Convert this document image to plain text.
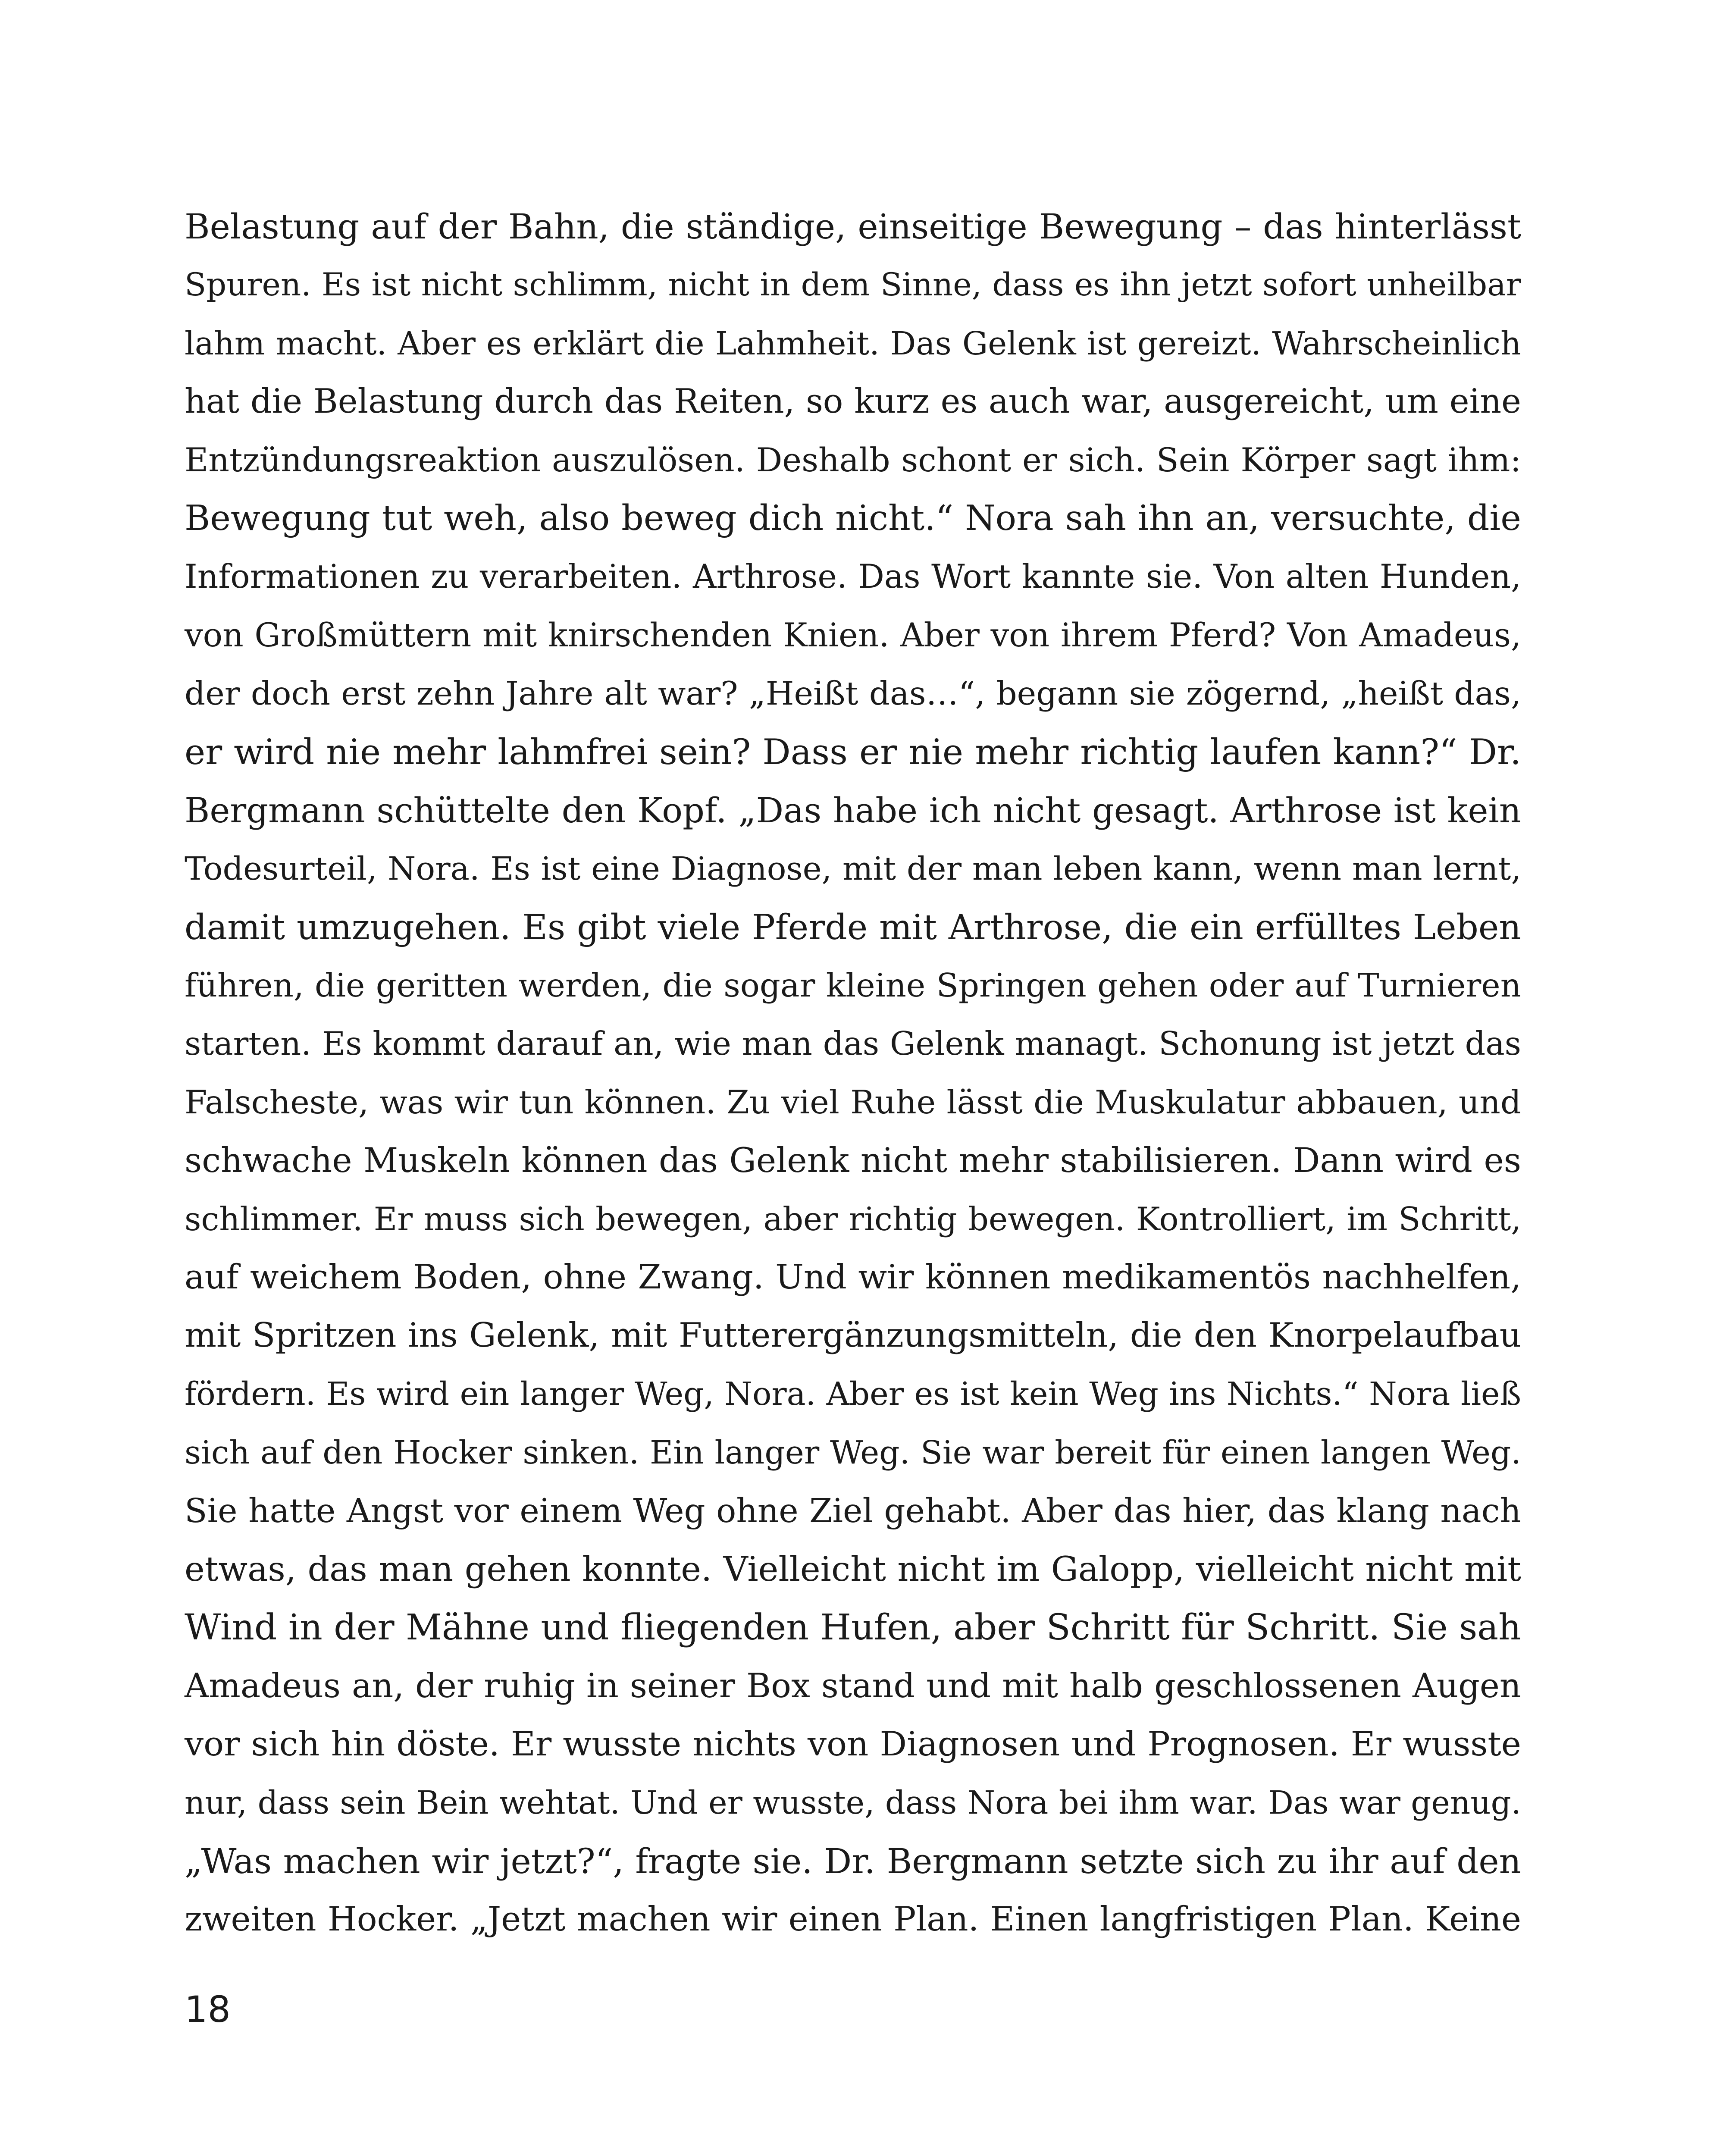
Belastung auf der Bahn, die ständige, einseitige Bewegung – das hinterlässt
Spuren. Es ist nicht schlimm, nicht in dem Sinne, dass es ihn jetzt sofort unheilbar
lahm macht. Aber es erklärt die Lahmheit. Das Gelenk ist gereizt. Wahrscheinlich
hat die Belastung durch das Reiten, so kurz es auch war, ausgereicht, um eine
Entzündungsreaktion auszulösen. Deshalb schont er sich. Sein Körper sagt ihm:
Bewegung tut weh, also beweg dich nicht.“ Nora sah ihn an, versuchte, die
Informationen zu verarbeiten. Arthrose. Das Wort kannte sie. Von alten Hunden,
von Großmüttern mit knirschenden Knien. Aber von ihrem Pferd? Von Amadeus,
der doch erst zehn Jahre alt war? „Heißt das…“, begann sie zögernd, „heißt das,
er wird nie mehr lahmfrei sein? Dass er nie mehr richtig laufen kann?“ Dr.
Bergmann schüttelte den Kopf. „Das habe ich nicht gesagt. Arthrose ist kein
Todesurteil, Nora. Es ist eine Diagnose, mit der man leben kann, wenn man lernt,
damit umzugehen. Es gibt viele Pferde mit Arthrose, die ein erfülltes Leben
führen, die geritten werden, die sogar kleine Springen gehen oder auf Turnieren
starten. Es kommt darauf an, wie man das Gelenk managt. Schonung ist jetzt das
Falscheste, was wir tun können. Zu viel Ruhe lässt die Muskulatur abbauen, und
schwache Muskeln können das Gelenk nicht mehr stabilisieren. Dann wird es
schlimmer. Er muss sich bewegen, aber richtig bewegen. Kontrolliert, im Schritt,
auf weichem Boden, ohne Zwang. Und wir können medikamentös nachhelfen,
mit Spritzen ins Gelenk, mit Futterergänzungsmitteln, die den Knorpelaufbau
fördern. Es wird ein langer Weg, Nora. Aber es ist kein Weg ins Nichts.“ Nora ließ
sich auf den Hocker sinken. Ein langer Weg. Sie war bereit für einen langen Weg.
Sie hatte Angst vor einem Weg ohne Ziel gehabt. Aber das hier, das klang nach
etwas, das man gehen konnte. Vielleicht nicht im Galopp, vielleicht nicht mit
Wind in der Mähne und fliegenden Hufen, aber Schritt für Schritt. Sie sah
Amadeus an, der ruhig in seiner Box stand und mit halb geschlossenen Augen
vor sich hin döste. Er wusste nichts von Diagnosen und Prognosen. Er wusste
nur, dass sein Bein wehtat. Und er wusste, dass Nora bei ihm war. Das war genug.
„Was machen wir jetzt?“, fragte sie. Dr. Bergmann setzte sich zu ihr auf den
zweiten Hocker. „Jetzt machen wir einen Plan. Einen langfristigen Plan. Keine
18
